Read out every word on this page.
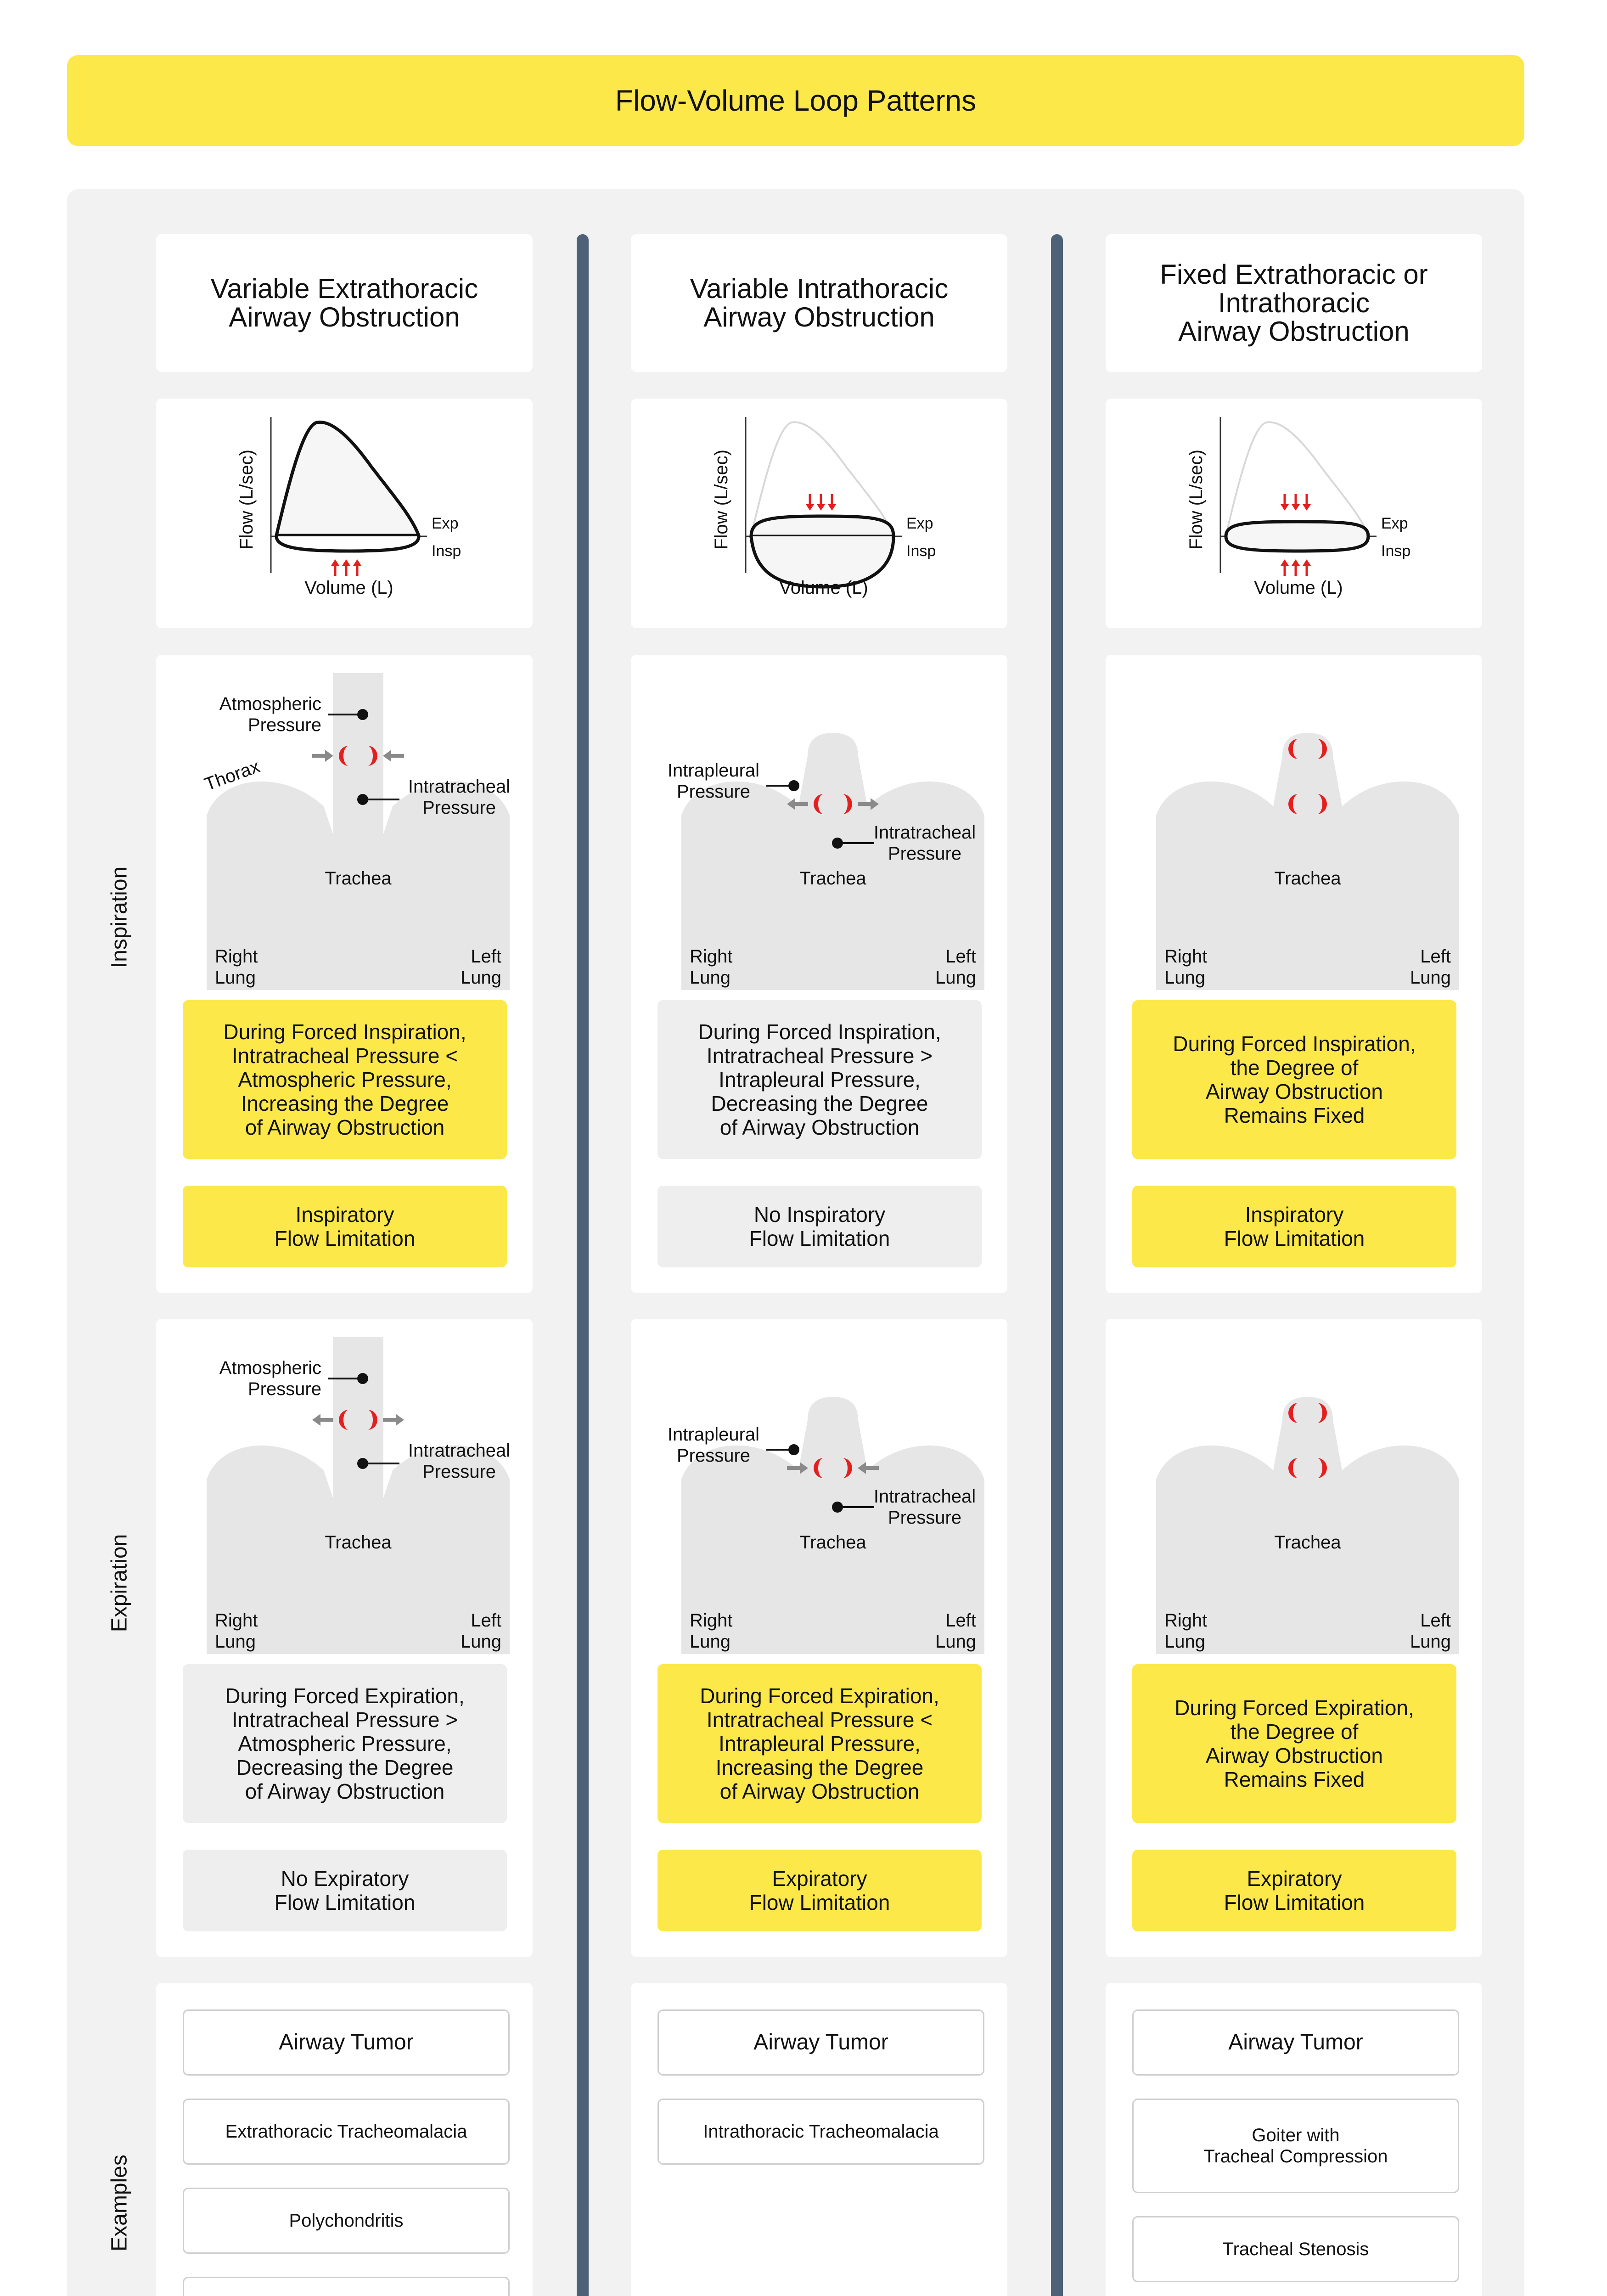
Flow-Volume Loop Patterns
Inspiration
Expiration
Examples
Variable Extrathoracic
Airway Obstruction
Flow (L/sec)
Volume (L)
Exp
Insp
Trachea
Right Lung
Left Lung
Atmospheric Pressure
Intratracheal Pressure
Thorax
During Forced Inspiration,
Intratracheal Pressure <
Atmospheric Pressure,
Increasing the Degree
of Airway Obstruction
Inspiratory
Flow Limitation
Trachea
Right Lung
Left Lung
Atmospheric Pressure
Intratracheal Pressure
During Forced Expiration,
Intratracheal Pressure >
Atmospheric Pressure,
Decreasing the Degree
of Airway Obstruction
No Expiratory
Flow Limitation
Airway Tumor
Extrathoracic Tracheomalacia
Polychondritis
Variable Intrathoracic
Airway Obstruction
Flow (L/sec)
Volume (L)
Exp
Insp
Trachea
Right Lung
Left Lung
Intrapleural Pressure
Intratracheal Pressure
During Forced Inspiration,
Intratracheal Pressure >
Intrapleural Pressure,
Decreasing the Degree
of Airway Obstruction
No Inspiratory
Flow Limitation
Trachea
Right Lung
Left Lung
Intrapleural Pressure
Intratracheal Pressure
During Forced Expiration,
Intratracheal Pressure <
Intrapleural Pressure,
Increasing the Degree
of Airway Obstruction
Expiratory
Flow Limitation
Airway Tumor
Intrathoracic Tracheomalacia
Fixed Extrathoracic or
Intrathoracic
Airway Obstruction
Flow (L/sec)
Volume (L)
Exp
Insp
Trachea
Right Lung
Left Lung
During Forced Inspiration,
the Degree of
Airway Obstruction
Remains Fixed
Inspiratory
Flow Limitation
Trachea
Right Lung
Left Lung
During Forced Expiration,
the Degree of
Airway Obstruction
Remains Fixed
Expiratory
Flow Limitation
Airway Tumor
Goiter with
Tracheal Compression
Tracheal Stenosis
